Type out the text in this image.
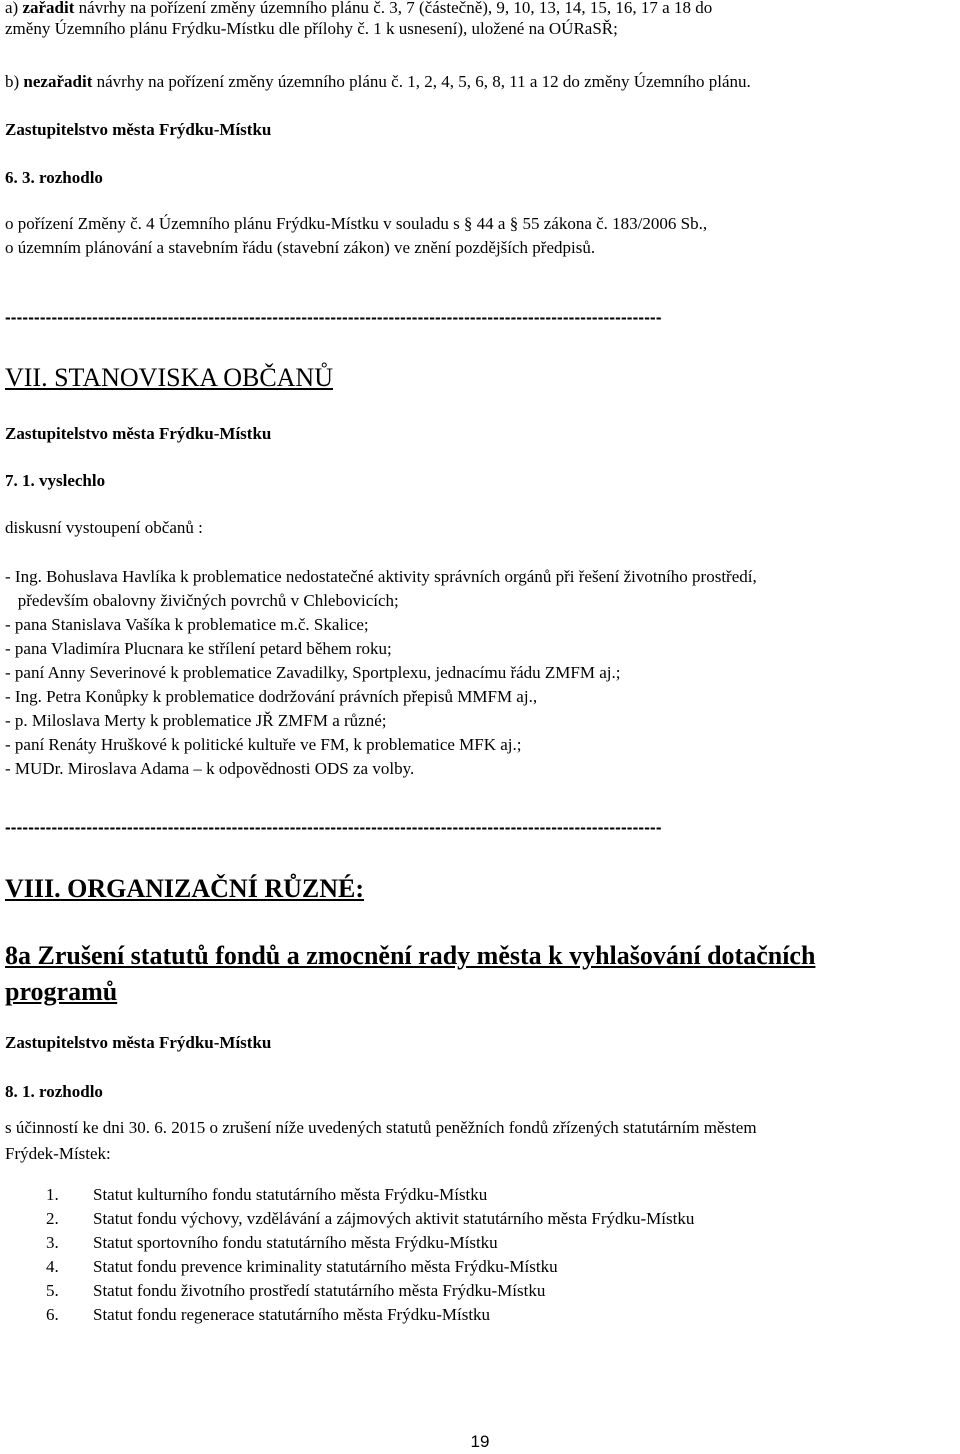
a) zařadit návrhy na pořízení změny územního plánu č. 3, 7 (částečně), 9, 10, 13, 14, 15, 16, 17 a 18 do
změny Územního plánu Frýdku-Místku dle přílohy č. 1 k usnesení), uložené na OÚRaSŘ;
b) nezařadit návrhy na pořízení změny územního plánu č. 1, 2, 4, 5, 6, 8, 11 a 12 do změny Územního plánu.
Zastupitelstvo města Frýdku-Místku
6. 3. rozhodlo
o pořízení Změny č. 4 Územního plánu Frýdku-Místku v souladu s § 44 a § 55 zákona č. 183/2006 Sb.,
o územním plánování a stavebním řádu (stavební zákon) ve znění pozdějších předpisů.
-----------------------------------------------------------------------------------------------------------------
VII. STANOVISKA OBČANŮ
Zastupitelstvo města Frýdku-Místku
7. 1. vyslechlo
diskusní vystoupení občanů :
- Ing. Bohuslava Havlíka k problematice nedostatečné aktivity správních orgánů při řešení životního prostředí,
především obalovny živičných povrchů v Chlebovicích;
- pana Stanislava Vašíka k problematice m.č. Skalice;
- pana Vladimíra Plucnara ke střílení petard během roku;
- paní Anny Severinové k problematice Zavadilky, Sportplexu, jednacímu řádu ZMFM aj.;
- Ing. Petra Konůpky k problematice dodržování právních přepisů MMFM aj.,
- p. Miloslava Merty k problematice JŘ ZMFM a různé;
- paní Renáty Hruškové k politické kultuře ve FM, k problematice MFK aj.;
- MUDr. Miroslava Adama – k odpovědnosti ODS za volby.
-----------------------------------------------------------------------------------------------------------------
VIII. ORGANIZAČNÍ RŮZNÉ:
8a Zrušení statutů fondů a zmocnění rady města k vyhlašování dotačních
programů
Zastupitelstvo města Frýdku-Místku
8. 1. rozhodlo
s účinností ke dni 30. 6. 2015 o zrušení níže uvedených statutů peněžních fondů zřízených statutárním městem
Frýdek-Místek:
1. Statut kulturního fondu statutárního města Frýdku-Místku
2. Statut fondu výchovy, vzdělávání a zájmových aktivit statutárního města Frýdku-Místku
3. Statut sportovního fondu statutárního města Frýdku-Místku
4. Statut fondu prevence kriminality statutárního města Frýdku-Místku
5. Statut fondu životního prostředí statutárního města Frýdku-Místku
6. Statut fondu regenerace statutárního města Frýdku-Místku
19
